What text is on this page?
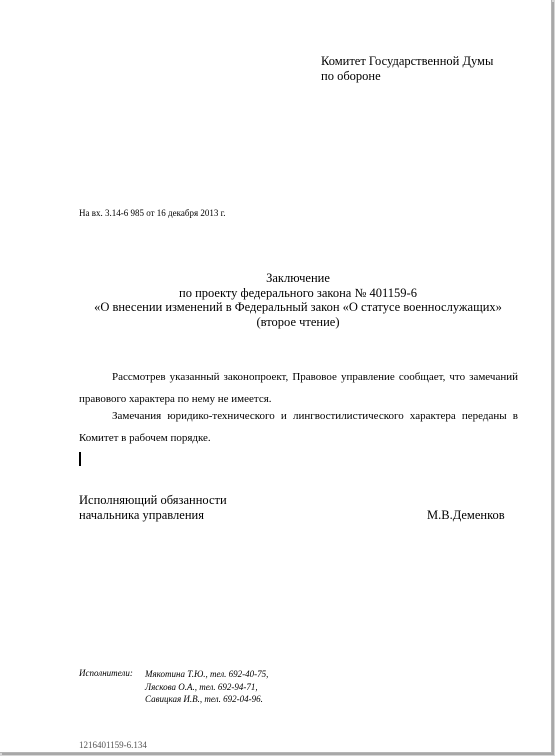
Комитет Государственной Думы
по обороне
На вх. 3.14-6 985 от 16 декабря 2013 г.
Заключение
по проекту федерального закона № 401159-6
«О внесении изменений в Федеральный закон «О статусе военнослужащих»
(второе чтение)
Рассмотрев указанный законопроект, Правовое управление сообщает, что замечаний правового характера по нему не имеется.
Замечания юридико-технического и лингвостилистического характера переданы в Комитет в рабочем порядке.
Исполняющий обязанности
начальника управления	М.В.Деменков
Исполнители: Мякотина Т.Ю., тел. 692-40-75,
Ляскова О.А., тел. 692-94-71,
Савицкая И.В., тел. 692-04-96.
1216401159-6.134
